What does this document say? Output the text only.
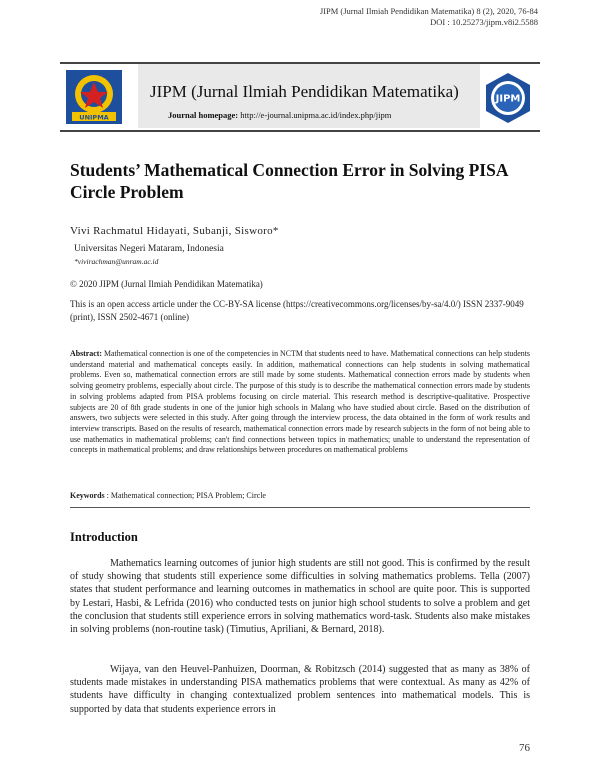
JIPM (Jurnal Ilmiah Pendidikan Matematika) 8 (2), 2020, 76-84
DOI : 10.25273/jipm.v8i2.5588
UNIPMA
JIPM (Jurnal Ilmiah Pendidikan Matematika)
Journal homepage: http://e-journal.unipma.ac.id/index.php/jipm
JIPM
Students’ Mathematical Connection Error in Solving PISA Circle Problem
Vivi Rachmatul Hidayati, Subanji, Sisworo*
Universitas Negeri Mataram, Indonesia
*vivirachman@unram.ac.id
© 2020 JIPM (Jurnal Ilmiah Pendidikan Matematika)
This is an open access article under the CC-BY-SA license (https://creativecommons.org/licenses/by-sa/4.0/) ISSN 2337-9049 (print), ISSN 2502-4671 (online)
Abstract: Mathematical connection is one of the competencies in NCTM that students need to have. Mathematical connections can help students understand material and mathematical concepts easily. In addition, mathematical connections can help students in solving mathematical problems. Even so, mathematical connection errors are still made by some students. Mathematical connection errors made by students when solving geometry problems, especially about circle. The purpose of this study is to describe the mathematical connection errors made by students in solving problems adapted from PISA problems focusing on circle material. This research method is descriptive-qualitative. Prospective subjects are 20 of 8th grade students in one of the junior high schools in Malang who have studied about circle. Based on the distribution of answers, two subjects were selected in this study. After going through the interview process, the data obtained in the form of work results and interview transcripts. Based on the results of research, mathematical connection errors made by research subjects in the form of not being able to use mathematics in mathematical problems; can't find connections between topics in mathematics; unable to understand the representation of concepts in mathematical problems; and draw relationships between procedures on mathematical problems
Keywords : Mathematical connection; PISA Problem; Circle
Introduction
Mathematics learning outcomes of junior high students are still not good. This is confirmed by the result of study showing that students still experience some difficulties in solving mathematics problems. Tella (2007) states that student performance and learning outcomes in mathematics in school are quite poor. This is supported by Lestari, Hasbi, & Lefrida (2016) who conducted tests on junior high school students to solve a problem and get the conclusion that students still experience errors in solving mathematics word-task. Students also make mistakes in solving problems (non-routine task) (Timutius, Apriliani, & Bernard, 2018).
Wijaya, van den Heuvel-Panhuizen, Doorman, & Robitzsch (2014) suggested that as many as 38% of students made mistakes in understanding PISA mathematics problems that were contextual. As many as 42% of students have difficulty in changing contextualized problem sentences into mathematical models. This is supported by data that students experience errors in
76
